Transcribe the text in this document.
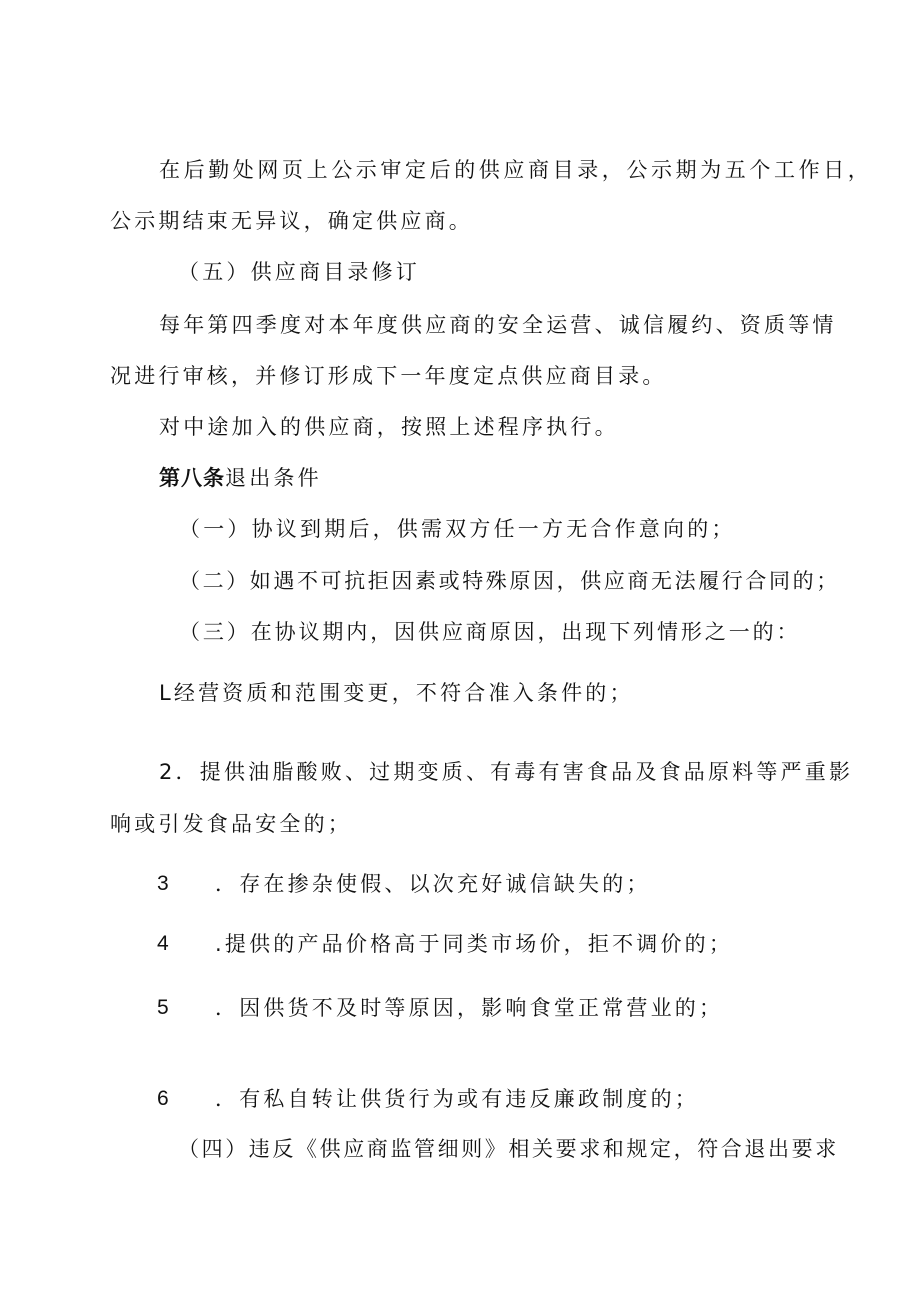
在后勤处网页上公示审定后的供应商目录，公示期为五个工作日，
公示期结束无异议，确定供应商。
（五）供应商目录修订
每年第四季度对本年度供应商的安全运营、诚信履约、资质等情
况进行审核，并修订形成下一年度定点供应商目录。
对中途加入的供应商，按照上述程序执行。
第八条退出条件
（一）协议到期后，供需双方任一方无合作意向的；
（二）如遇不可抗拒因素或特殊原因，供应商无法履行合同的；
（三）在协议期内，因供应商原因，出现下列情形之一的：
L经营资质和范围变更，不符合准入条件的；
2．提供油脂酸败、过期变质、有毒有害食品及食品原料等严重影
响或引发食品安全的；
3 ．存在掺杂使假、以次充好诚信缺失的；
4 .提供的产品价格高于同类市场价，拒不调价的；
5 ．因供货不及时等原因，影响食堂正常营业的；
6 ．有私自转让供货行为或有违反廉政制度的；
（四）违反《供应商监管细则》相关要求和规定，符合退出要求
